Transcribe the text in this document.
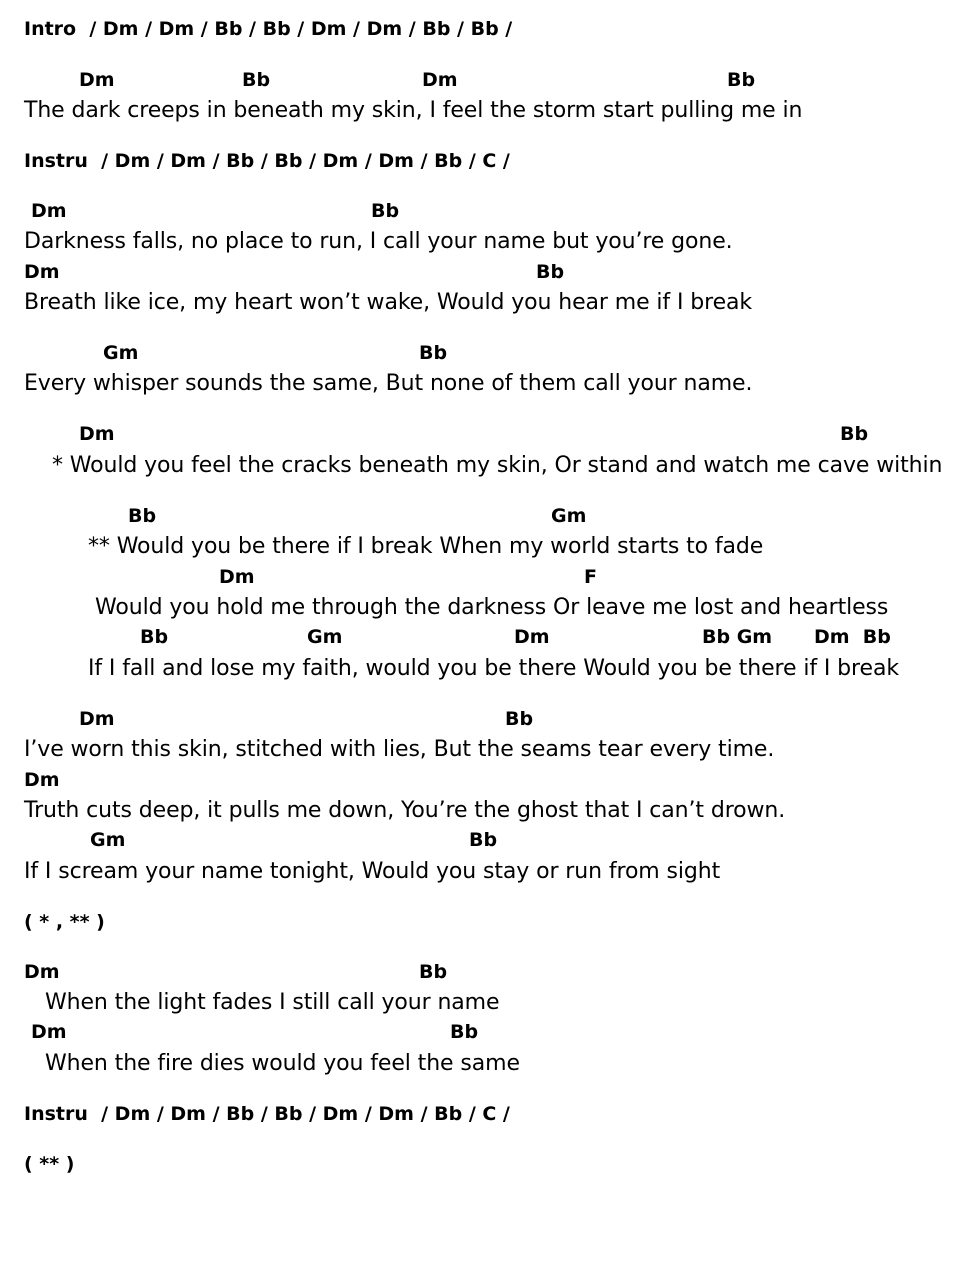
Intro  / Dm / Dm / Bb / Bb / Dm / Dm / Bb / Bb /
Dm	Bb	Dm	Bb
The dark creeps in beneath my skin, I feel the storm start pulling me in
Instru  / Dm / Dm / Bb / Bb / Dm / Dm / Bb / C /
Dm	Bb
Darkness falls, no place to run, I call your name but you’re gone.
Dm	Bb
Breath like ice, my heart won’t wake, Would you hear me if I break
Gm	Bb
Every whisper sounds the same, But none of them call your name.
Dm	Bb
* Would you feel the cracks beneath my skin, Or stand and watch me cave within
Bb	Gm
** Would you be there if I break When my world starts to fade
Dm	F
Would you hold me through the darkness Or leave me lost and heartless
Bb	Gm	Dm	Bb Gm Dm  Bb
If I fall and lose my faith, would you be there Would you be there if I break
Dm	Bb
I’ve worn this skin, stitched with lies, But the seams tear every time.
Dm
Truth cuts deep, it pulls me down, You’re the ghost that I can’t drown.
Gm	Bb
If I scream your name tonight, Would you stay or run from sight
( * , ** )
Dm	Bb
When the light fades I still call your name
Dm	Bb
When the fire dies would you feel the same
Instru  / Dm / Dm / Bb / Bb / Dm / Dm / Bb / C /
( ** )
